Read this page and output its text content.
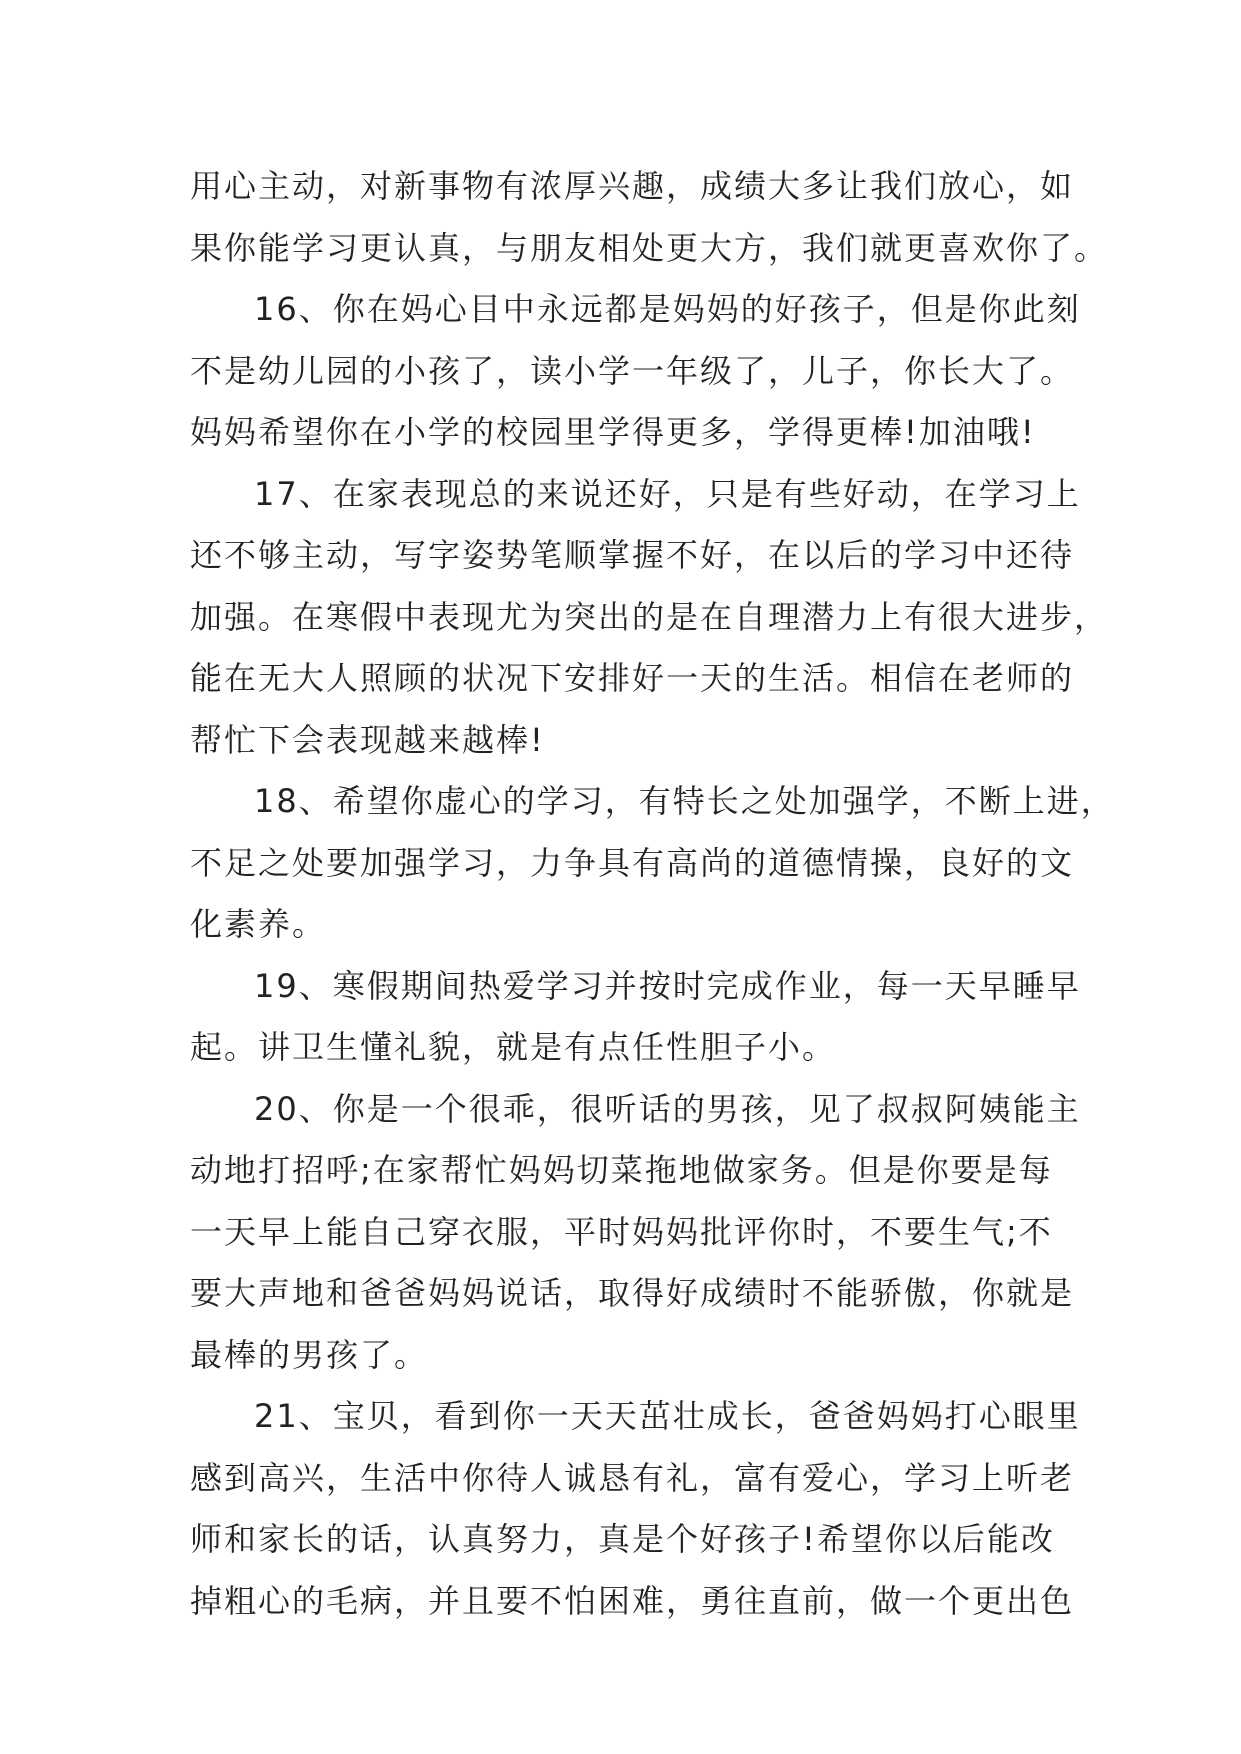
用心主动，对新事物有浓厚兴趣，成绩大多让我们放心，如
果你能学习更认真，与朋友相处更大方，我们就更喜欢你了。
16、你在妈心目中永远都是妈妈的好孩子，但是你此刻
不是幼儿园的小孩了，读小学一年级了，儿子，你长大了。
妈妈希望你在小学的校园里学得更多，学得更棒!加油哦!
17、在家表现总的来说还好，只是有些好动，在学习上
还不够主动，写字姿势笔顺掌握不好，在以后的学习中还待
加强。在寒假中表现尤为突出的是在自理潜力上有很大进步，
能在无大人照顾的状况下安排好一天的生活。相信在老师的
帮忙下会表现越来越棒!
18、希望你虚心的学习，有特长之处加强学，不断上进，
不足之处要加强学习，力争具有高尚的道德情操，良好的文
化素养。
19、寒假期间热爱学习并按时完成作业，每一天早睡早
起。讲卫生懂礼貌，就是有点任性胆子小。
20、你是一个很乖，很听话的男孩，见了叔叔阿姨能主
动地打招呼;在家帮忙妈妈切菜拖地做家务。但是你要是每
一天早上能自己穿衣服，平时妈妈批评你时，不要生气;不
要大声地和爸爸妈妈说话，取得好成绩时不能骄傲，你就是
最棒的男孩了。
21、宝贝，看到你一天天茁壮成长，爸爸妈妈打心眼里
感到高兴，生活中你待人诚恳有礼，富有爱心，学习上听老
师和家长的话，认真努力，真是个好孩子!希望你以后能改
掉粗心的毛病，并且要不怕困难，勇往直前，做一个更出色
